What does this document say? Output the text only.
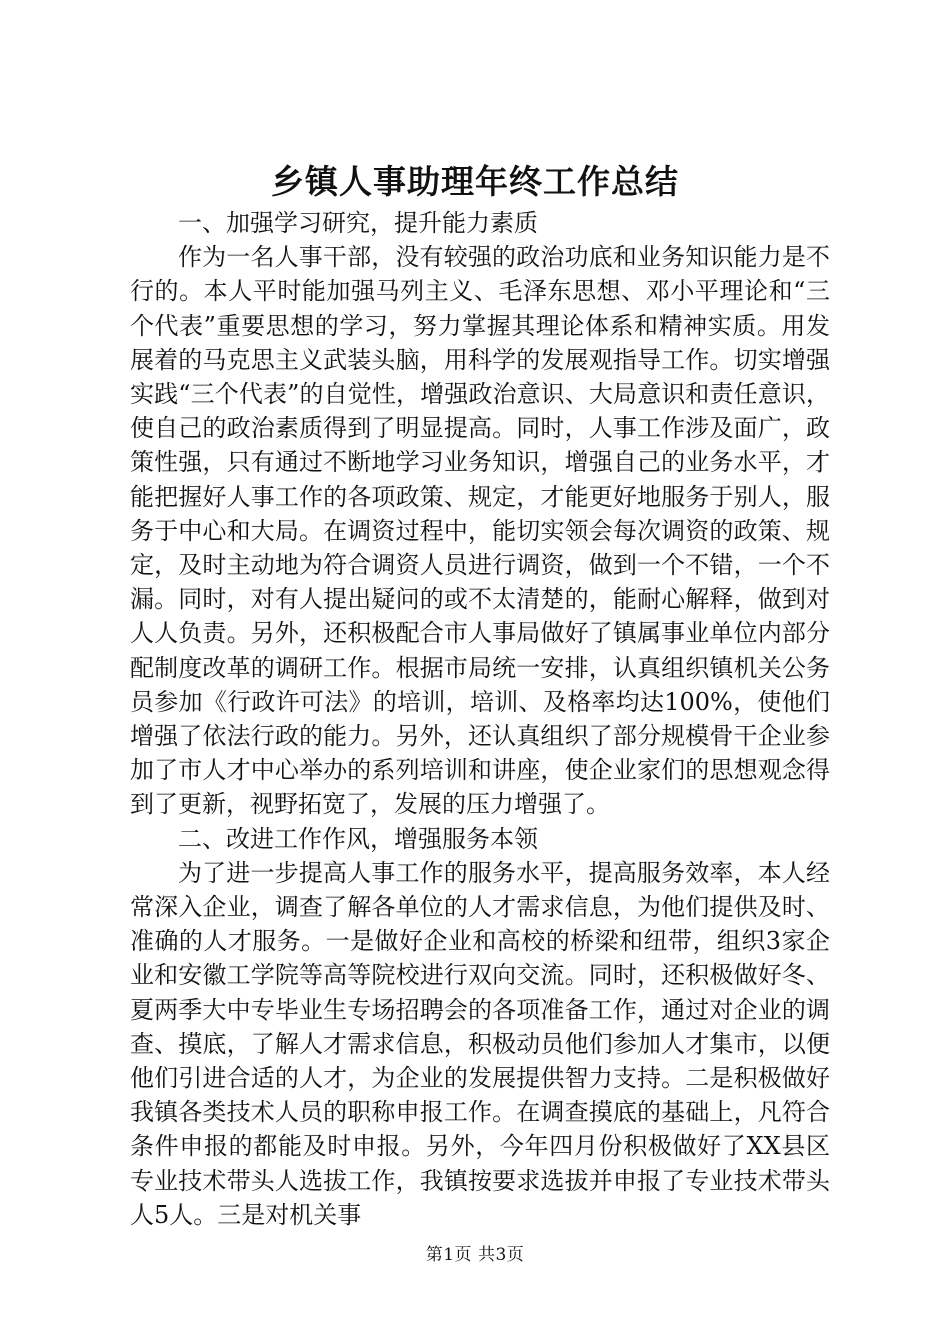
乡镇人事助理年终工作总结

一、加强学习研究，提升能力素质

作为一名人事干部，没有较强的政治功底和业务知识能力是不行的。本人平时能加强马列主义、毛泽东思想、邓小平理论和“三个代表”重要思想的学习，努力掌握其理论体系和精神实质。用发展着的马克思主义武装头脑，用科学的发展观指导工作。切实增强实践“三个代表”的自觉性，增强政治意识、大局意识和责任意识，使自己的政治素质得到了明显提高。同时，人事工作涉及面广，政策性强，只有通过不断地学习业务知识，增强自己的业务水平，才能把握好人事工作的各项政策、规定，才能更好地服务于别人，服务于中心和大局。在调资过程中，能切实领会每次调资的政策、规定，及时主动地为符合调资人员进行调资，做到一个不错，一个不漏。同时，对有人提出疑问的或不太清楚的，能耐心解释，做到对人人负责。另外，还积极配合市人事局做好了镇属事业单位内部分配制度改革的调研工作。根据市局统一安排，认真组织镇机关公务员参加《行政许可法》的培训，培训、及格率均达100%，使他们增强了依法行政的能力。另外，还认真组织了部分规模骨干企业参加了市人才中心举办的系列培训和讲座，使企业家们的思想观念得到了更新，视野拓宽了，发展的压力增强了。

二、改进工作作风，增强服务本领

为了进一步提高人事工作的服务水平，提高服务效率，本人经常深入企业，调查了解各单位的人才需求信息，为他们提供及时、准确的人才服务。一是做好企业和高校的桥梁和纽带，组织3家企业和安徽工学院等高等院校进行双向交流。同时，还积极做好冬、夏两季大中专毕业生专场招聘会的各项准备工作，通过对企业的调查、摸底，了解人才需求信息，积极动员他们参加人才集市，以便他们引进合适的人才，为企业的发展提供智力支持。二是积极做好我镇各类技术人员的职称申报工作。在调查摸底的基础上，凡符合条件申报的都能及时申报。另外，今年四月份积极做好了XX县区专业技术带头人选拔工作，我镇按要求选拔并申报了专业技术带头人5人。三是对机关事

第1页 共3页
